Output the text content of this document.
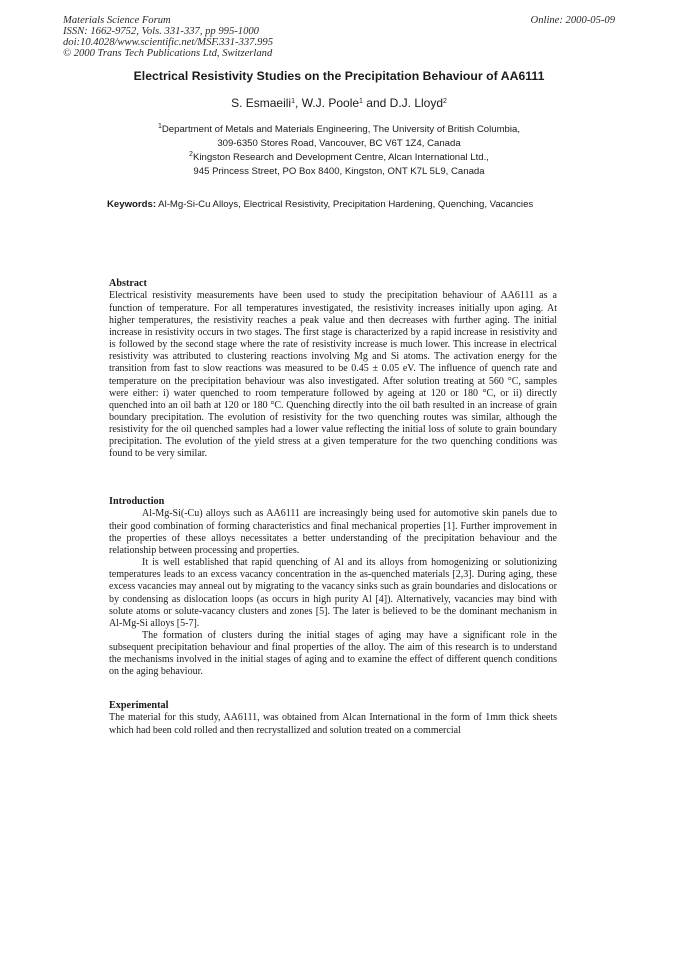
Materials Science Forum
ISSN: 1662-9752, Vols. 331-337, pp 995-1000
doi:10.4028/www.scientific.net/MSF.331-337.995
© 2000 Trans Tech Publications Ltd, Switzerland
Online: 2000-05-09
Electrical Resistivity Studies on the Precipitation Behaviour of AA6111
S. Esmaeili$^1$, W.J. Poole$^1$ and D.J. Lloyd$^2$
$^1$Department of Metals and Materials Engineering, The University of British Columbia,
309-6350 Stores Road, Vancouver, BC V6T 1Z4, Canada
$^2$Kingston Research and Development Centre, Alcan International Ltd.,
945 Princess Street, PO Box 8400, Kingston, ONT K7L 5L9, Canada
Keywords: Al-Mg-Si-Cu Alloys, Electrical Resistivity, Precipitation Hardening, Quenching, Vacancies
Abstract

Electrical resistivity measurements have been used to study the precipitation behaviour of AA6111 as a function of temperature. For all temperatures investigated, the resistivity increases initially upon aging. At higher temperatures, the resistivity reaches a peak value and then decreases with further aging. The initial increase in resistivity occurs in two stages. The first stage is characterized by a rapid increase in resistivity and is followed by the second stage where the rate of resistivity increase is much lower. This increase in electrical resistivity was attributed to clustering reactions involving Mg and Si atoms. The activation energy for the transition from fast to slow reactions was measured to be 0.45 ± 0.05 eV. The influence of quench rate and temperature on the precipitation behaviour was also investigated. After solution treating at 560 °C, samples were either: i) water quenched to room temperature followed by ageing at 120 or 180 °C, or ii) directly quenched into an oil bath at 120 or 180 °C. Quenching directly into the oil bath resulted in an increase of grain boundary precipitation. The evolution of resistivity for the two quenching routes was similar, although the resistivity for the oil quenched samples had a lower value reflecting the initial loss of solute to grain boundary precipitation. The evolution of the yield stress at a given temperature for the two quenching conditions was found to be very similar.

Introduction

Al-Mg-Si(-Cu) alloys such as AA6111 are increasingly being used for automotive skin panels due to their good combination of forming characteristics and final mechanical properties [1]. Further improvement in the properties of these alloys necessitates a better understanding of the precipitation behaviour and the relationship between processing and properties.

It is well established that rapid quenching of Al and its alloys from homogenizing or solutionizing temperatures leads to an excess vacancy concentration in the as-quenched materials [2,3]. During aging, these excess vacancies may anneal out by migrating to the vacancy sinks such as grain boundaries and dislocations or by condensing as dislocation loops (as occurs in high purity Al [4]). Alternatively, vacancies may bind with solute atoms or solute-vacancy clusters and zones [5]. The later is believed to be the dominant mechanism in Al-Mg-Si alloys [5-7].

The formation of clusters during the initial stages of aging may have a significant role in the subsequent precipitation behaviour and final properties of the alloy. The aim of this research is to understand the mechanisms involved in the initial stages of aging and to examine the effect of different quench conditions on the aging behaviour.

Experimental

The material for this study, AA6111, was obtained from Alcan International in the form of 1mm thick sheets which had been cold rolled and then recrystallized and solution treated on a commercial
